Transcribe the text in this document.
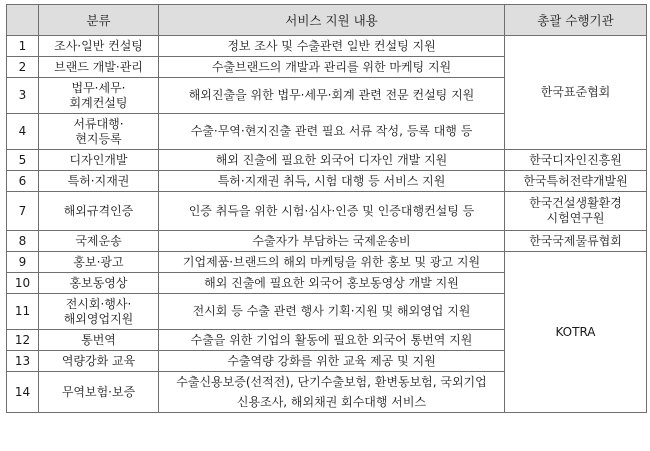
	분류	서비스 지원 내용	총괄 수행기관
1	조사·일반 컨설팅	정보 조사 및 수출관련 일반 컨설팅 지원	한국표준협회
2	브랜드 개발·관리	수출브랜드의 개발과 관리를 위한 마케팅 지원	
3	법무·세무·
회계컨설팅	해외진출을 위한 법무·세무·회계 관련 전문 컨설팅 지원	
4	서류대행·
현지등록	수출·무역·현지진출 관련 필요 서류 작성, 등록 대행 등	
5	디자인개발	해외 진출에 필요한 외국어 디자인 개발 지원	한국디자인진흥원
6	특허·지재권	특허·지재권 취득, 시험 대행 등 서비스 지원	한국특허전략개발원
7	해외규격인증	인증 취득을 위한 시험·심사·인증 및 인증대행컨설팅 등	한국건설생활환경
시험연구원
8	국제운송	수출자가 부담하는 국제운송비	한국국제물류협회
9	홍보·광고	기업제품·브랜드의 해외 마케팅을 위한 홍보 및 광고 지원	KOTRA
10	홍보동영상	해외 진출에 필요한 외국어 홍보동영상 개발 지원	
11	전시회·행사·
해외영업지원	전시회 등 수출 관련 행사 기획·지원 및 해외영업 지원	
12	통번역	수출을 위한 기업의 활동에 필요한 외국어 통번역 지원	
13	역량강화 교육	수출역량 강화를 위한 교육 제공 및 지원	
14	무역보험·보증	수출신용보증(선적전), 단기수출보험, 환변동보험, 국외기업
신용조사, 해외채권 회수대행 서비스	
